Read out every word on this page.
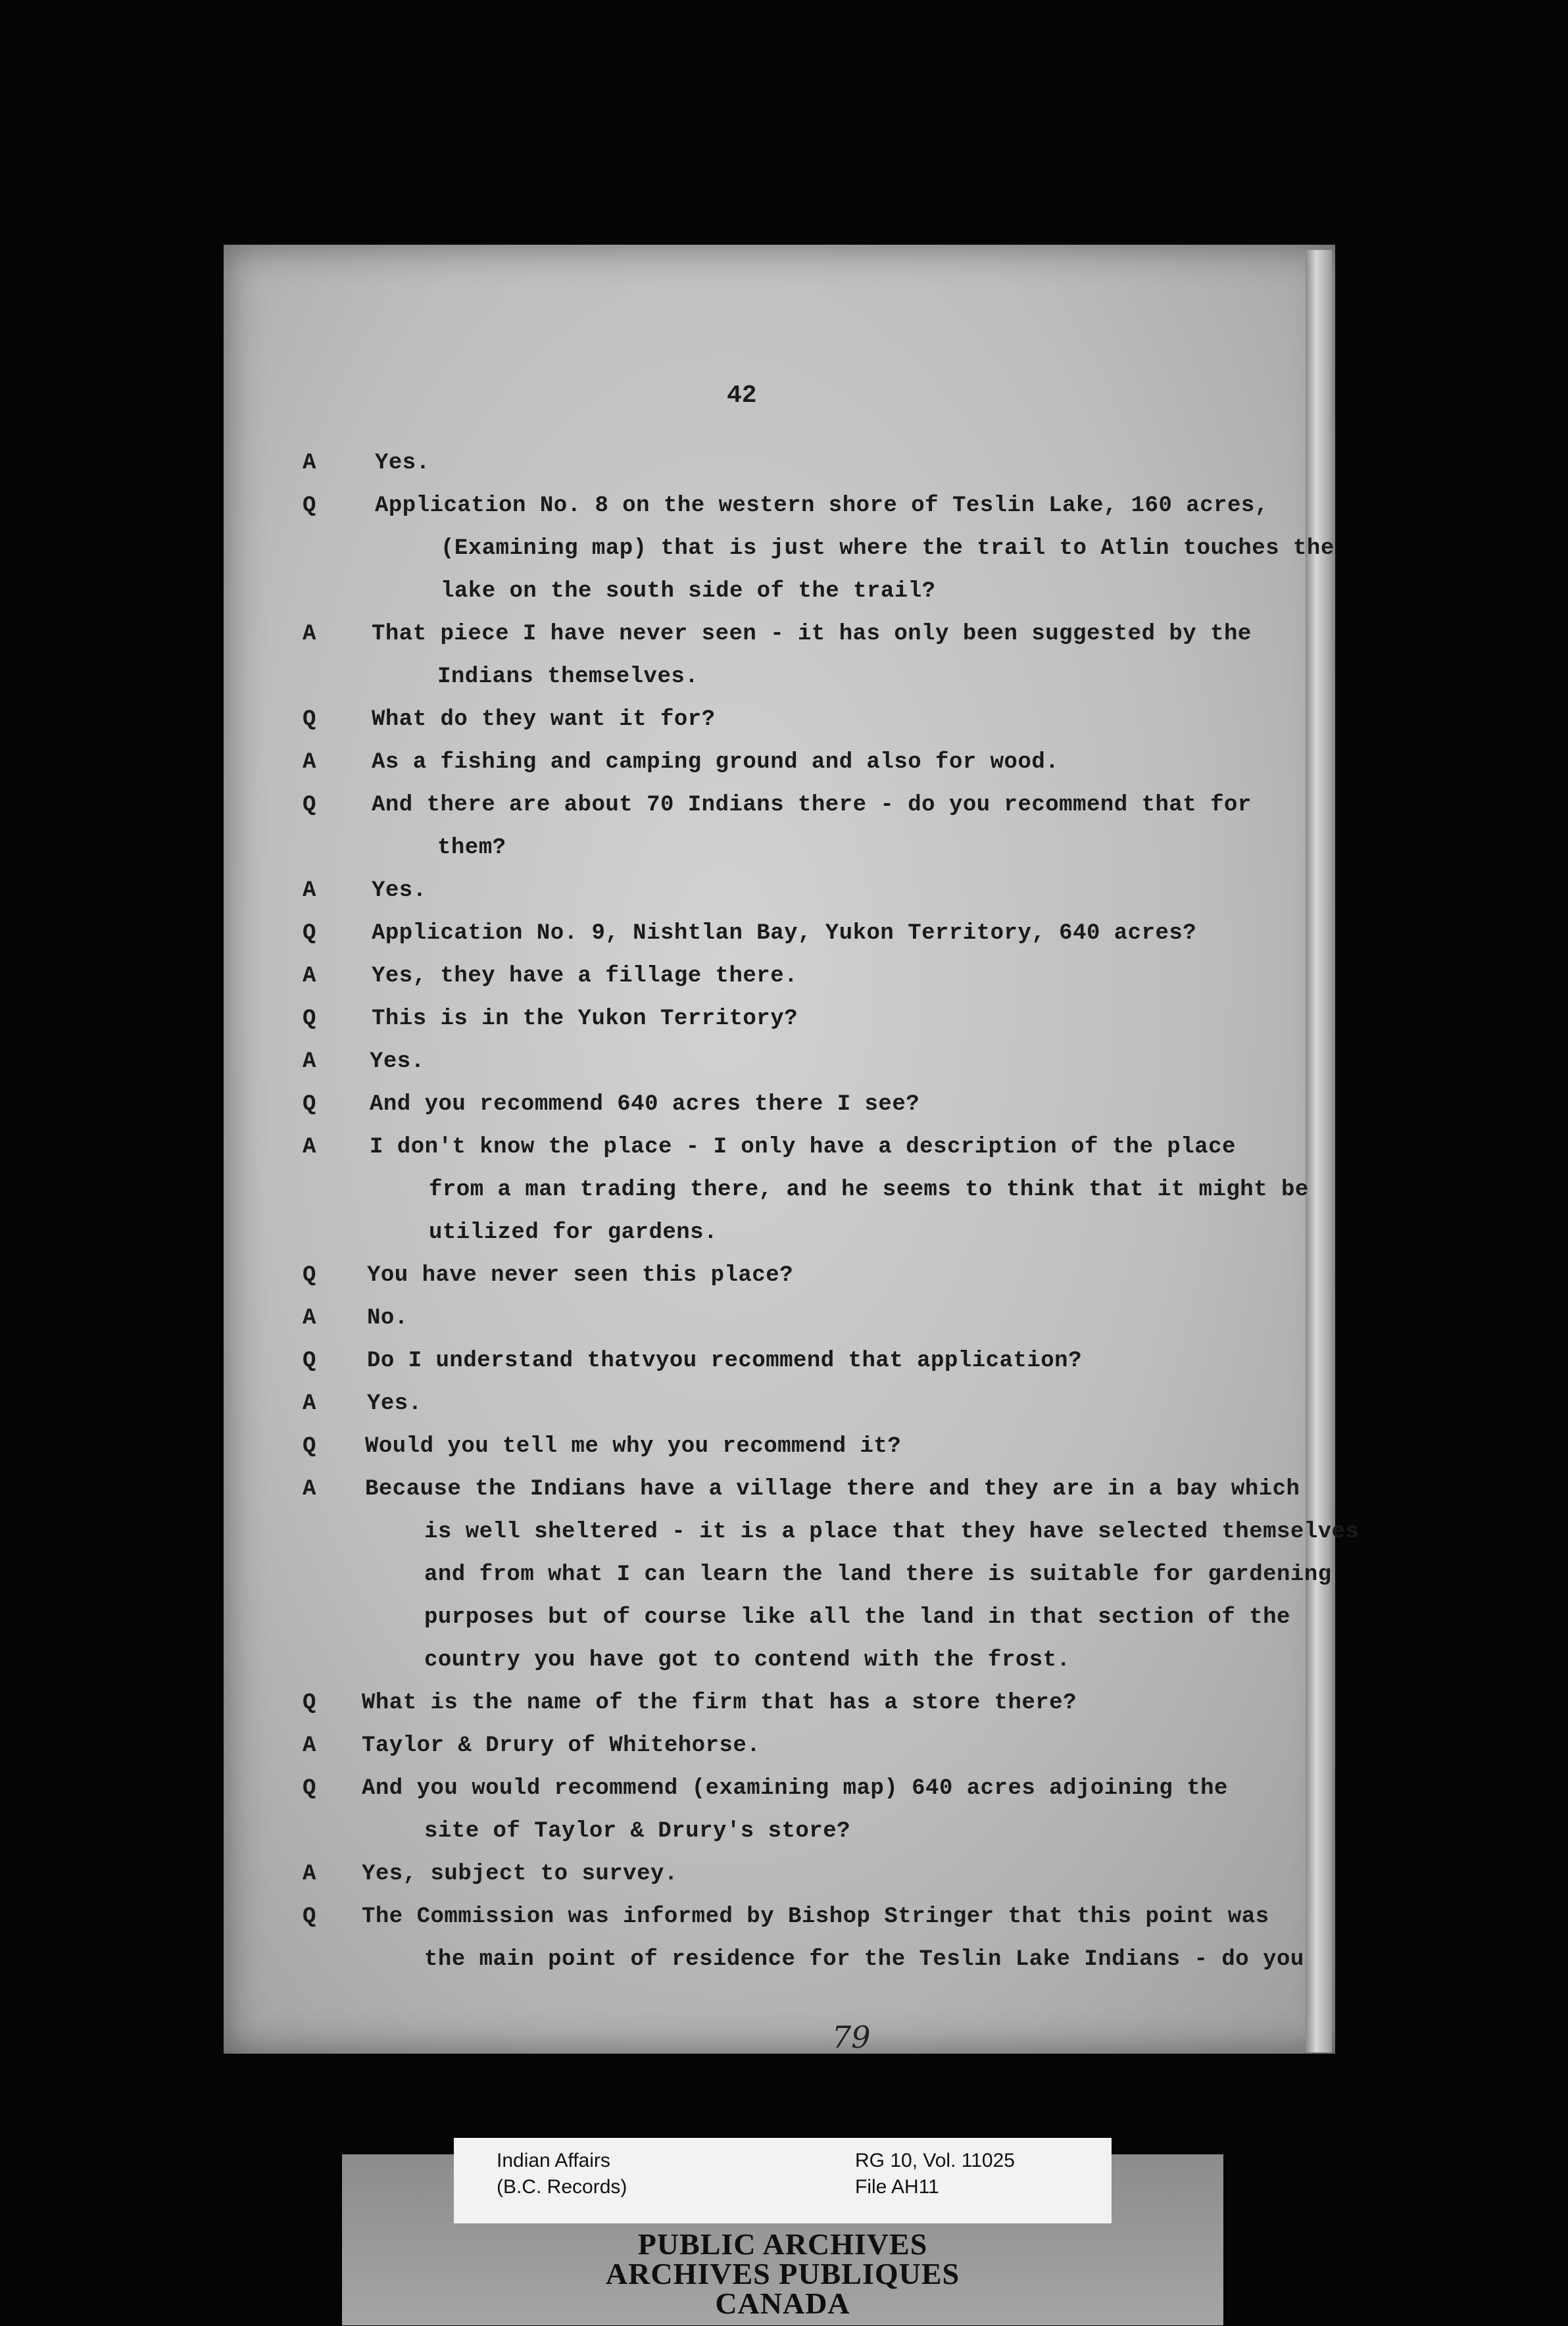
42
A	Yes.
Q	Application No. 8 on the western shore of Teslin Lake, 160 acres,
(Examining map) that is just where the trail to Atlin touches the
lake on the south side of the trail?
A That piece I have never seen - it has only been suggested by the
Indians themselves.
Q What do they want it for?
A As a fishing and camping ground and also for wood.
Q And there are about 70 Indians there - do you recommend that for
them?
A Yes.
Q Application No. 9, Nishtlan Bay, Yukon Territory, 640 acres?
A Yes, they have a fillage there.
Q This is in the Yukon Territory?
A Yes.
Q And you recommend 640 acres there I see?
A I don't know the place - I only have a description of the place
from a man trading there, and he seems to think that it might be
utilized for gardens.
Q You have never seen this place?
A No.
Q Do I understand thatvyou recommend that application?
A Yes.
Q Would you tell me why you recommend it?
A Because the Indians have a village there and they are in a bay which
is well sheltered - it is a place that they have selected themselves
and from what I can learn the land there is suitable for gardening
purposes but of course like all the land in that section of the
country you have got to contend with the frost.
Q What is the name of the firm that has a store there?
A Taylor & Drury of Whitehorse.
Q And you would recommend (examining map) 640 acres adjoining the
site of Taylor & Drury's store?
A Yes, subject to survey.
Q The Commission was informed by Bishop Stringer that this point was
the main point of residence for the Teslin Lake Indians - do you
79
Indian Affairs
(B.C. Records)
RG 10, Vol. 11025
File AH11
PUBLIC ARCHIVES
ARCHIVES PUBLIQUES
CANADA
